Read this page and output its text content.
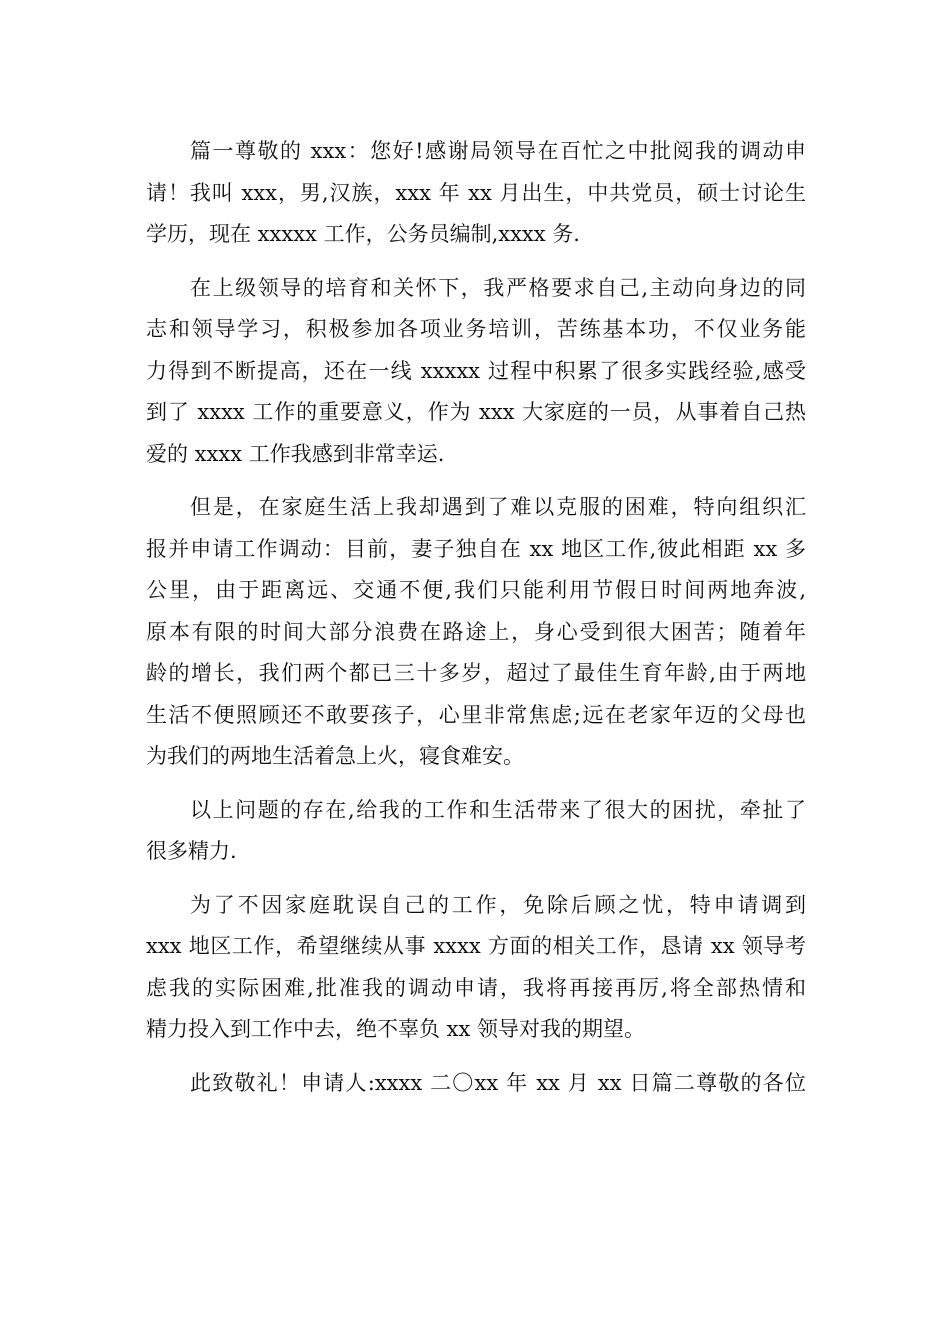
篇一尊敬的 xxx：您好!感谢局领导在百忙之中批阅我的调动申
请！我叫 xxx，男,汉族，xxx 年 xx 月出生，中共党员，硕士讨论生
学历，现在 xxxxx 工作，公务员编制,xxxx 务.
在上级领导的培育和关怀下，我严格要求自己,主动向身边的同
志和领导学习，积极参加各项业务培训，苦练基本功，不仅业务能
力得到不断提高，还在一线 xxxxx 过程中积累了很多实践经验,感受
到了 xxxx 工作的重要意义，作为 xxx 大家庭的一员，从事着自己热
爱的 xxxx 工作我感到非常幸运.
但是，在家庭生活上我却遇到了难以克服的困难，特向组织汇
报并申请工作调动：目前，妻子独自在 xx 地区工作,彼此相距 xx 多
公里，由于距离远、交通不便,我们只能利用节假日时间两地奔波,
原本有限的时间大部分浪费在路途上，身心受到很大困苦；随着年
龄的增长，我们两个都已三十多岁，超过了最佳生育年龄,由于两地
生活不便照顾还不敢要孩子，心里非常焦虑;远在老家年迈的父母也
为我们的两地生活着急上火，寝食难安。
以上问题的存在,给我的工作和生活带来了很大的困扰，牵扯了
很多精力.
为了不因家庭耽误自己的工作，免除后顾之忧，特申请调到
xxx 地区工作，希望继续从事 xxxx 方面的相关工作，恳请 xx 领导考
虑我的实际困难,批准我的调动申请，我将再接再厉,将全部热情和
精力投入到工作中去，绝不辜负 xx 领导对我的期望。
此致敬礼！申请人:xxxx 二〇xx 年 xx 月 xx 日篇二尊敬的各位
